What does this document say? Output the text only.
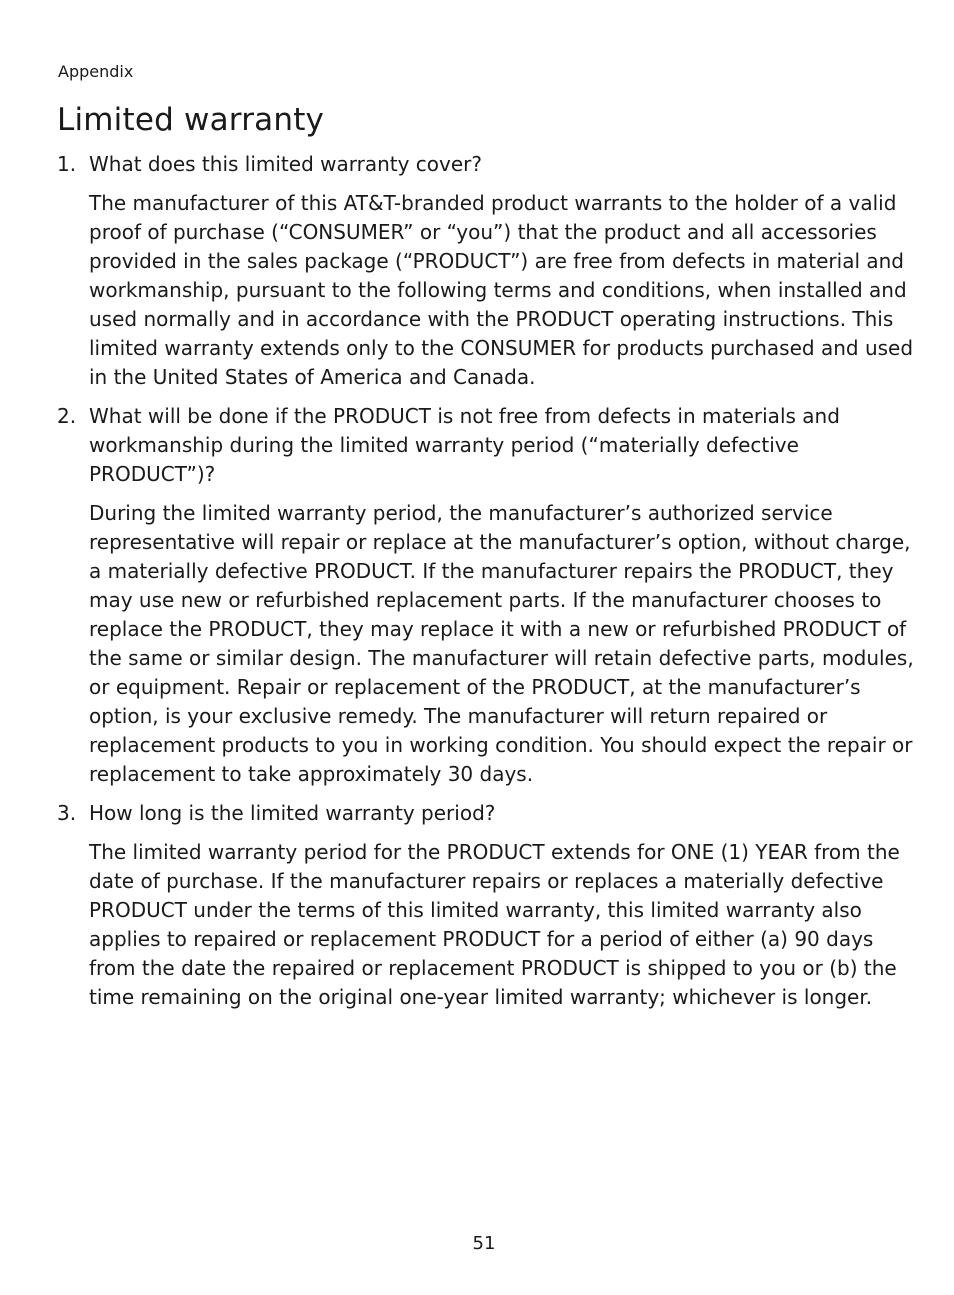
Appendix
Limited warranty
1. What does this limited warranty cover?

The manufacturer of this AT&T-branded product warrants to the holder of a valid proof of purchase (“CONSUMER” or “you”) that the product and all accessories provided in the sales package (“PRODUCT”) are free from defects in material and workmanship, pursuant to the following terms and conditions, when installed and used normally and in accordance with the PRODUCT operating instructions. This limited warranty extends only to the CONSUMER for products purchased and used in the United States of America and Canada.

2. What will be done if the PRODUCT is not free from defects in materials and workmanship during the limited warranty period (“materially defective PRODUCT”)?

During the limited warranty period, the manufacturer’s authorized service representative will repair or replace at the manufacturer’s option, without charge, a materially defective PRODUCT. If the manufacturer repairs the PRODUCT, they may use new or refurbished replacement parts. If the manufacturer chooses to replace the PRODUCT, they may replace it with a new or refurbished PRODUCT of the same or similar design. The manufacturer will retain defective parts, modules, or equipment. Repair or replacement of the PRODUCT, at the manufacturer’s option, is your exclusive remedy. The manufacturer will return repaired or replacement products to you in working condition. You should expect the repair or replacement to take approximately 30 days.

3. How long is the limited warranty period?

The limited warranty period for the PRODUCT extends for ONE (1) YEAR from the date of purchase. If the manufacturer repairs or replaces a materially defective PRODUCT under the terms of this limited warranty, this limited warranty also applies to repaired or replacement PRODUCT for a period of either (a) 90 days from the date the repaired or replacement PRODUCT is shipped to you or (b) the time remaining on the original one-year limited warranty; whichever is longer.

51
